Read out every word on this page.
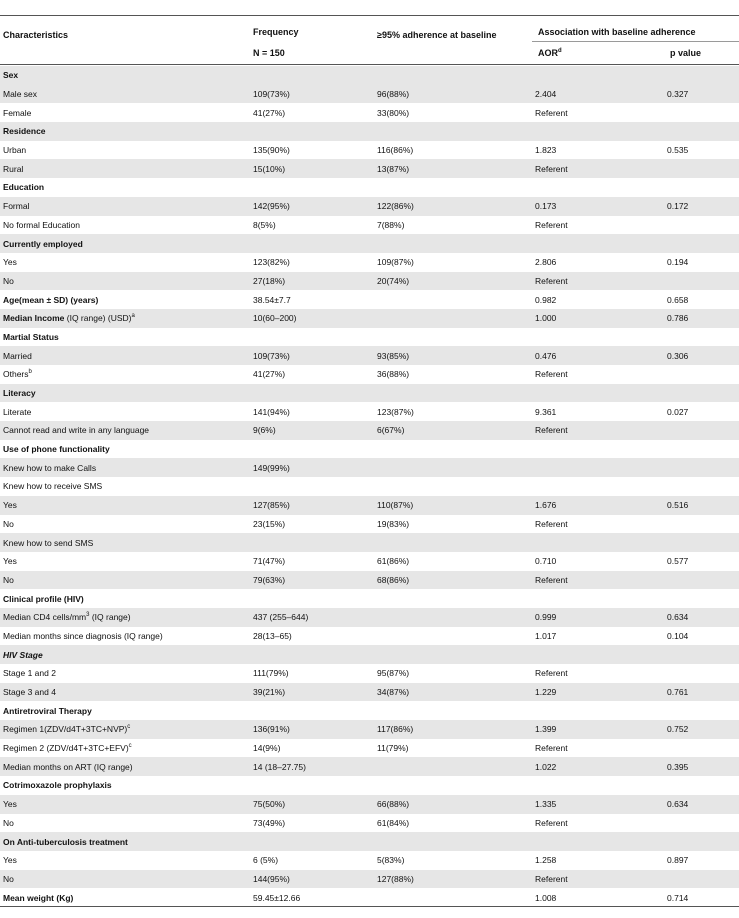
Characteristics	Frequency
N = 150
≥95% adherence at baseline	Association with baseline adherence
AOR$^d$	p value
Sex				
Male sex	109(73%)	96(88%)	2.404	0.327
Female	41(27%)	33(80%)	Referent	
Residence				
Urban	135(90%)	116(86%)	1.823	0.535
Rural	15(10%)	13(87%)	Referent	
Education				
Formal	142(95%)	122(86%)	0.173	0.172
No formal Education	8(5%)	7(88%)	Referent	
Currently employed				
Yes	123(82%)	109(87%)	2.806	0.194
No	27(18%)	20(74%)	Referent	
Age(mean ± SD) (years)	38.54±7.7		0.982	0.658
Median Income (IQ range) (USD)$^a$	10(60–200)		1.000	0.786
Martial Status				
Married	109(73%)	93(85%)	0.476	0.306
Others$^b$	41(27%)	36(88%)	Referent	
Literacy				
Literate	141(94%)	123(87%)	9.361	0.027
Cannot read and write in any language	9(6%)	6(67%)	Referent	
Use of phone functionality				
Knew how to make Calls	149(99%)			
Knew how to receive SMS				
Yes	127(85%)	110(87%)	1.676	0.516
No	23(15%)	19(83%)	Referent	
Knew how to send SMS				
Yes	71(47%)	61(86%)	0.710	0.577
No	79(63%)	68(86%)	Referent	
Clinical profile (HIV)				
Median CD4 cells/$mm^3$ (IQ range)	437 (255–644)		0.999	0.634
Median months since diagnosis (IQ range)	28(13–65)		1.017	0.104
HIV Stage				
Stage 1 and 2	111(79%)	95(87%)	Referent	
Stage 3 and 4	39(21%)	34(87%)	1.229	0.761
Antiretroviral Therapy				
Regimen $1(ZDV/d4T+3TC+NVP)^c$	136(91%)	117(86%)	1.399	0.752
Regimen 2 $(ZDV/d4T+3TC+EFV)^c$	14(9%)	11(79%)	Referent	
Median months on ART (IQ range)	14 (18–27.75)		1.022	0.395
Cotrimoxazole prophylaxis				
Yes	75(50%)	66(88%)	1.335	0.634
No	73(49%)	61(84%)	Referent	
On Anti-tuberculosis treatment				
Yes	6 (5%)	5(83%)	1.258	0.897
No	144(95%)	127(88%)	Referent	
Mean weight (Kg)	59.45±12.66		1.008	0.714
